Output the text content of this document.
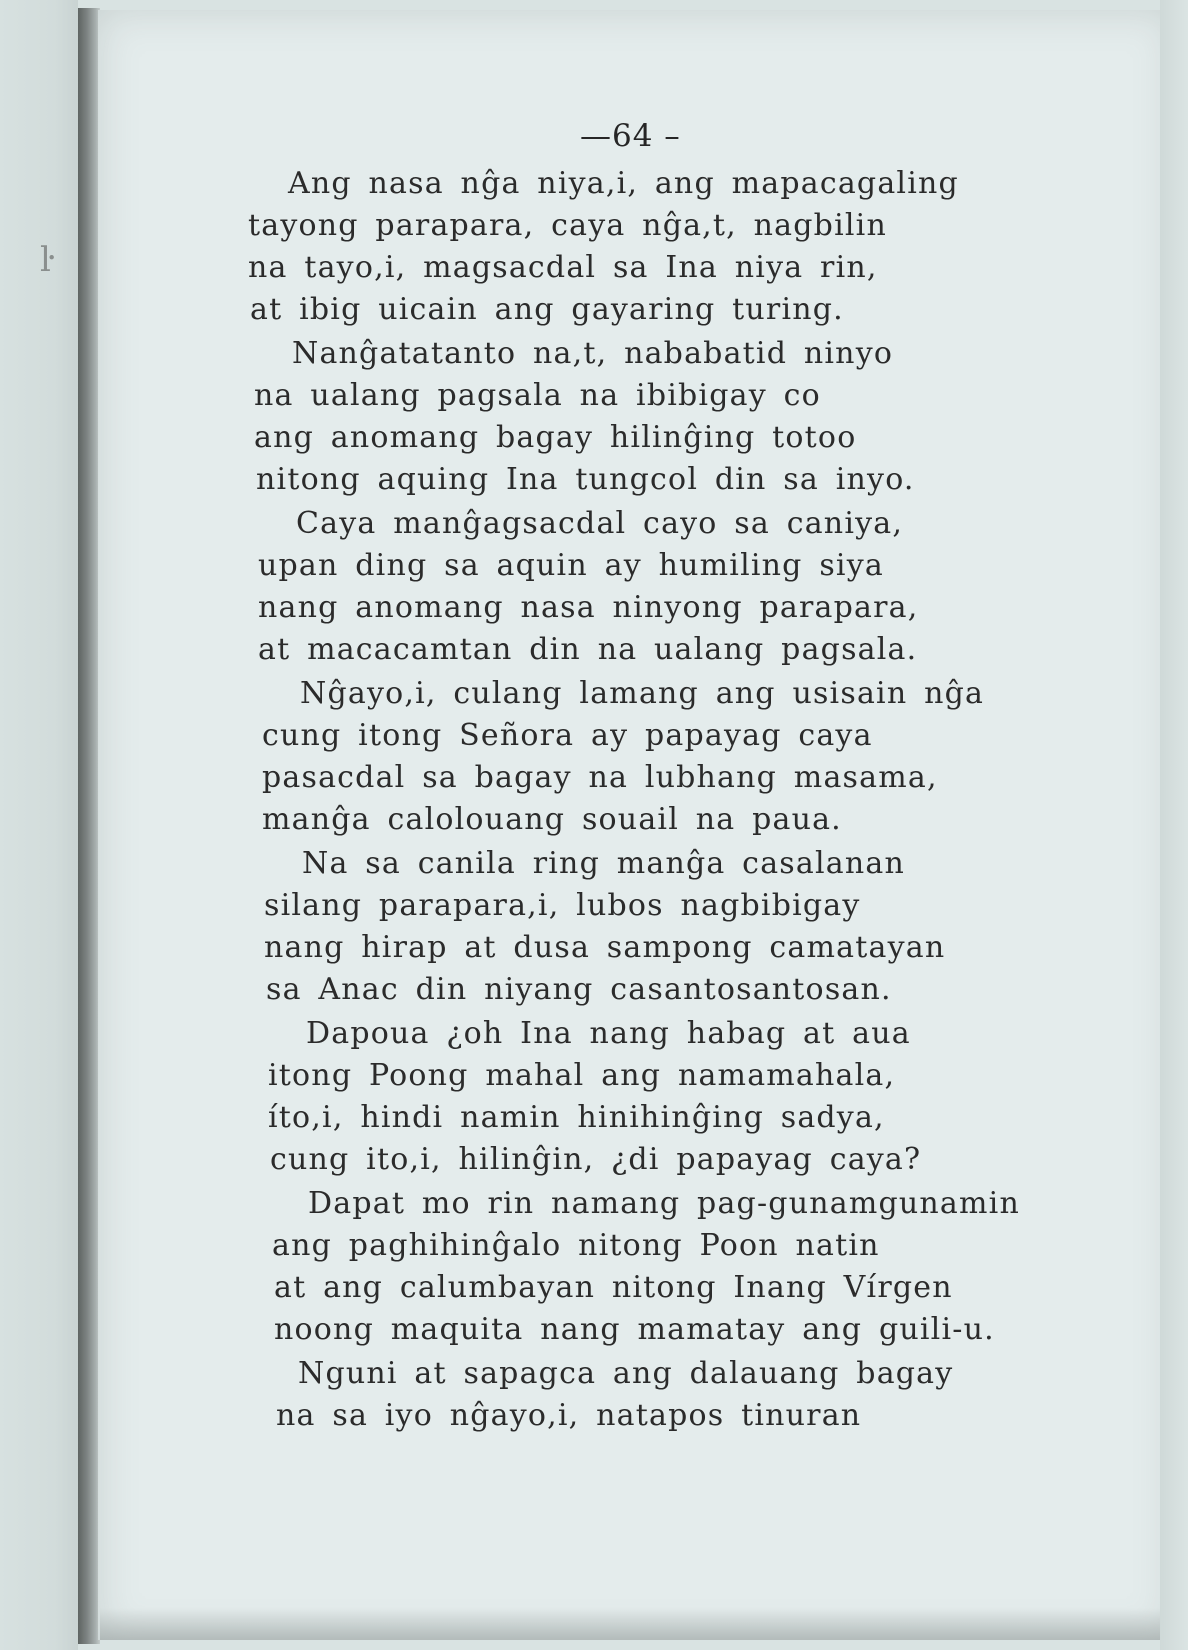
ŀ
—64 –
Ang nasa nĝa niya,i, ang mapacagaling
tayong parapara, caya nĝa,t, nagbilin
na tayo,i, magsacdal sa Ina niya rin,
at ibig uicain ang gayaring turing.
Nanĝatatanto na,t, nababatid ninyo
na ualang pagsala na ibibigay co
ang anomang bagay hilinĝing totoo
nitong aquing Ina tungcol din sa inyo.
Caya manĝagsacdal cayo sa caniya,
upan ding sa aquin ay humiling siya
nang anomang nasa ninyong parapara,
at macacamtan din na ualang pagsala.
Nĝayo,i, culang lamang ang usisain nĝa
cung itong Señora ay papayag caya
pasacdal sa bagay na lubhang masama,
manĝa calolouang souail na paua.
Na sa canila ring manĝa casalanan
silang parapara,i, lubos nagbibigay
nang hirap at dusa sampong camatayan
sa Anac din niyang casantosantosan.
Dapoua ¿oh Ina nang habag at aua
itong Poong mahal ang namamahala,
íto,i, hindi namin hinihinĝing sadya,
cung ito,i, hilinĝin, ¿di papayag caya?
Dapat mo rin namang pag-gunamgunamin
ang paghihinĝalo nitong Poon natin
at ang calumbayan nitong Inang Vírgen
noong maquita nang mamatay ang guili-u.
Nguni at sapagca ang dalauang bagay
na sa iyo nĝayo,i, natapos tinuran
